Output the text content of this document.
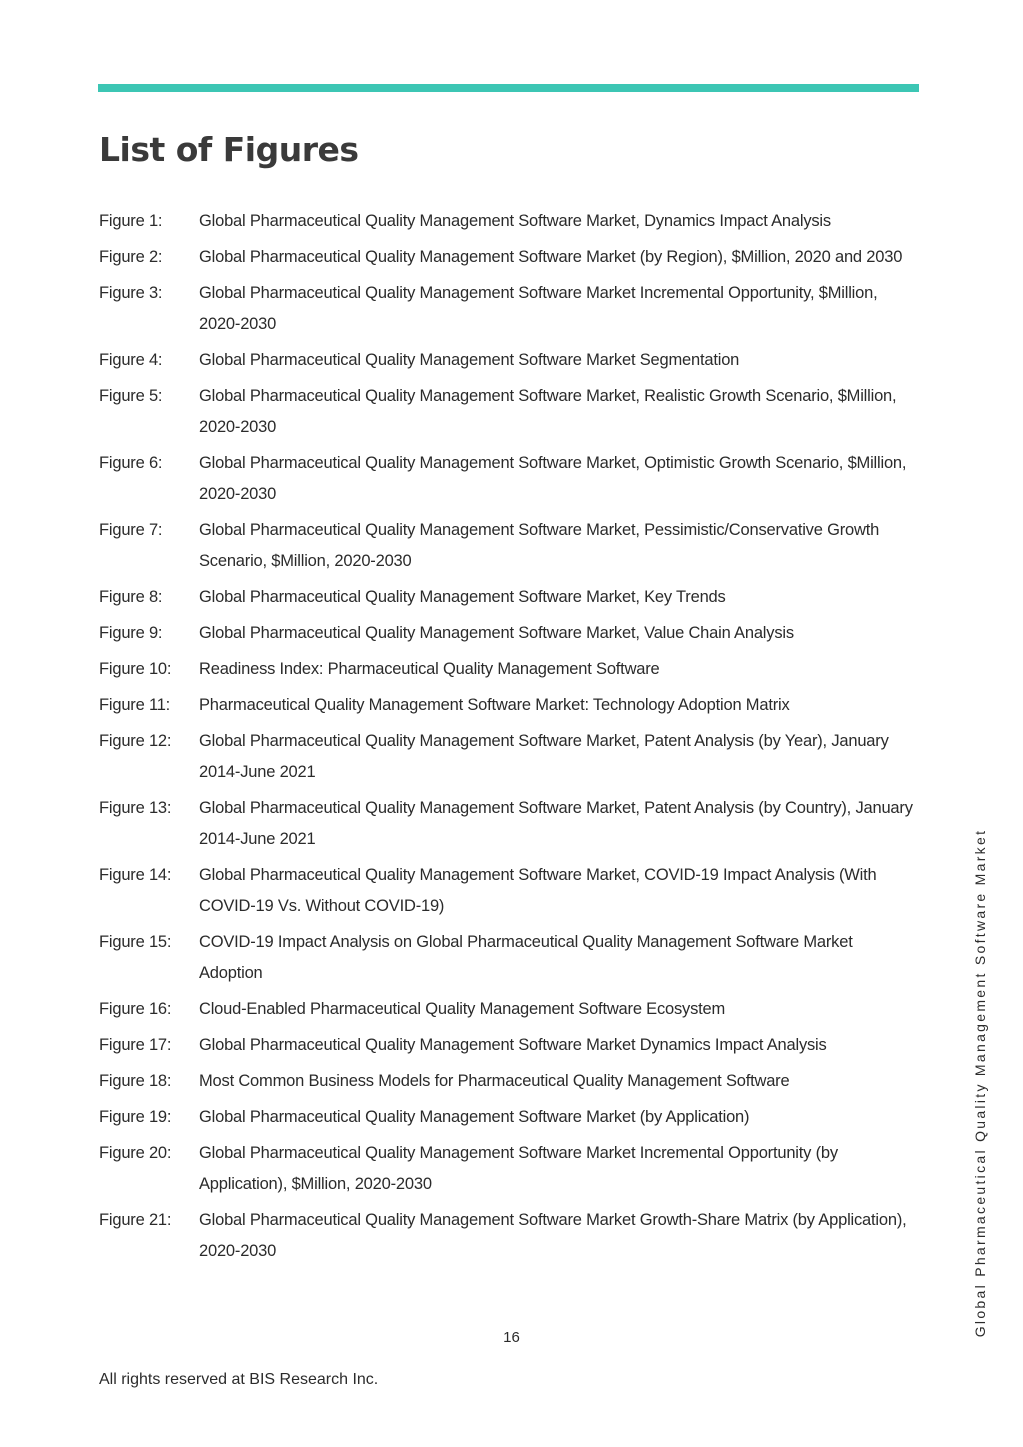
List of Figures
Figure 1:	Global Pharmaceutical Quality Management Software Market, Dynamics Impact Analysis
Figure 2:	Global Pharmaceutical Quality Management Software Market (by Region), $Million, 2020 and 2030
Figure 3:	Global Pharmaceutical Quality Management Software Market Incremental Opportunity, $Million, 2020-2030
Figure 4:	Global Pharmaceutical Quality Management Software Market Segmentation
Figure 5:	Global Pharmaceutical Quality Management Software Market, Realistic Growth Scenario, $Million, 2020-2030
Figure 6:	Global Pharmaceutical Quality Management Software Market, Optimistic Growth Scenario, $Million, 2020-2030
Figure 7:	Global Pharmaceutical Quality Management Software Market, Pessimistic/Conservative Growth Scenario, $Million, 2020-2030
Figure 8:	Global Pharmaceutical Quality Management Software Market, Key Trends
Figure 9:	Global Pharmaceutical Quality Management Software Market, Value Chain Analysis
Figure 10:	Readiness Index: Pharmaceutical Quality Management Software
Figure 11:	Pharmaceutical Quality Management Software Market: Technology Adoption Matrix
Figure 12:	Global Pharmaceutical Quality Management Software Market, Patent Analysis (by Year), January 2014-June 2021
Figure 13:	Global Pharmaceutical Quality Management Software Market, Patent Analysis (by Country), January 2014-June 2021
Figure 14:	Global Pharmaceutical Quality Management Software Market, COVID-19 Impact Analysis (With COVID-19 Vs. Without COVID-19)
Figure 15:	COVID-19 Impact Analysis on Global Pharmaceutical Quality Management Software Market Adoption
Figure 16:	Cloud-Enabled Pharmaceutical Quality Management Software Ecosystem
Figure 17:	Global Pharmaceutical Quality Management Software Market Dynamics Impact Analysis
Figure 18:	Most Common Business Models for Pharmaceutical Quality Management Software
Figure 19:	Global Pharmaceutical Quality Management Software Market (by Application)
Figure 20:	Global Pharmaceutical Quality Management Software Market Incremental Opportunity (by Application), $Million, 2020-2030
Figure 21:	Global Pharmaceutical Quality Management Software Market Growth-Share Matrix (by Application), 2020-2030
16
All rights reserved at BIS Research Inc.
Global Pharmaceutical Quality Management Software Market
